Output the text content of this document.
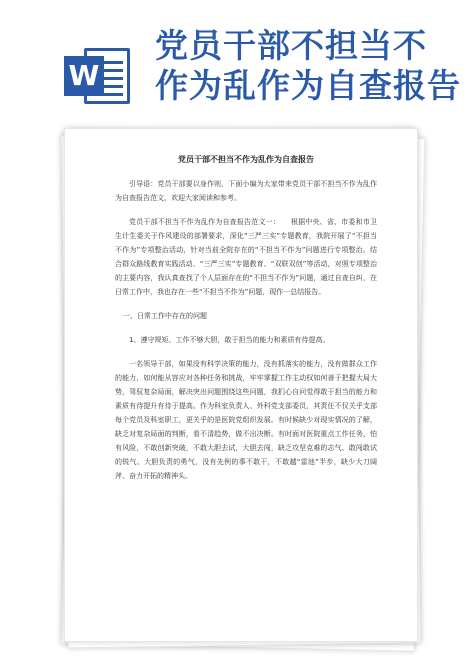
W
党员干部不担当不
作为乱作为自查报告
党员干部不担当不作为乱作为自查报告

引导语：党员干部要以身作则，下面小编为大家带来党员干部不担当不作为乱作为自查报告范文，欢迎大家阅读和参考。

党员干部不担当不作为乱作为自查报告范文一：　　根据中央、省、市委和市卫生计生委关于作风建设的部署要求，深化“三严三实”专题教育，我院开展了“不担当不作为”专项整治活动，针对当前全院存在的“不担当不作为”问题进行专项整治。结合群众路线教育实践活动、“三严三实”专题教育、“双联双创”等活动，对照专项整治的主要内容，我认真查找了个人层面存在的“不担当不作为”问题，通过自查自纠，在日常工作中，我也存在一些“不担当不作为”问题，现作一总结报告。

一、日常工作中存在的问题

1、遵守规矩、工作不够大胆，敢于担当的能力和素质有待提高。

一名领导干部，如果没有科学决策的能力，没有抓落实的能力，没有做群众工作的能力，如何能从容应对各种任务和挑战，牢牢掌握工作主动权如何善于把握大局大势，驾驭复杂局面，解决突出问题围绕这些问题，我扪心自问觉得敢于担当的能力和素质有待提升有待于提高。作为科室负责人、外科党支部委员，其责任不仅关乎支部每个党员及科室职工，更关乎的是医院党组织发展。有时候缺少对现实情况的了解，缺乏对复杂局面的判断，看不清趋势，做不出决断。有时面对医院重点工作任务，怕有风险，不敢创新突破，不敢大胆去试，大胆去闯，缺乏攻坚克难的志气、敢闯敢试的锐气、大胆负责的勇气，没有先例的事不敢干，不敢越“雷池”半步，缺少大刀阔斧、奋力开拓的精神头。
